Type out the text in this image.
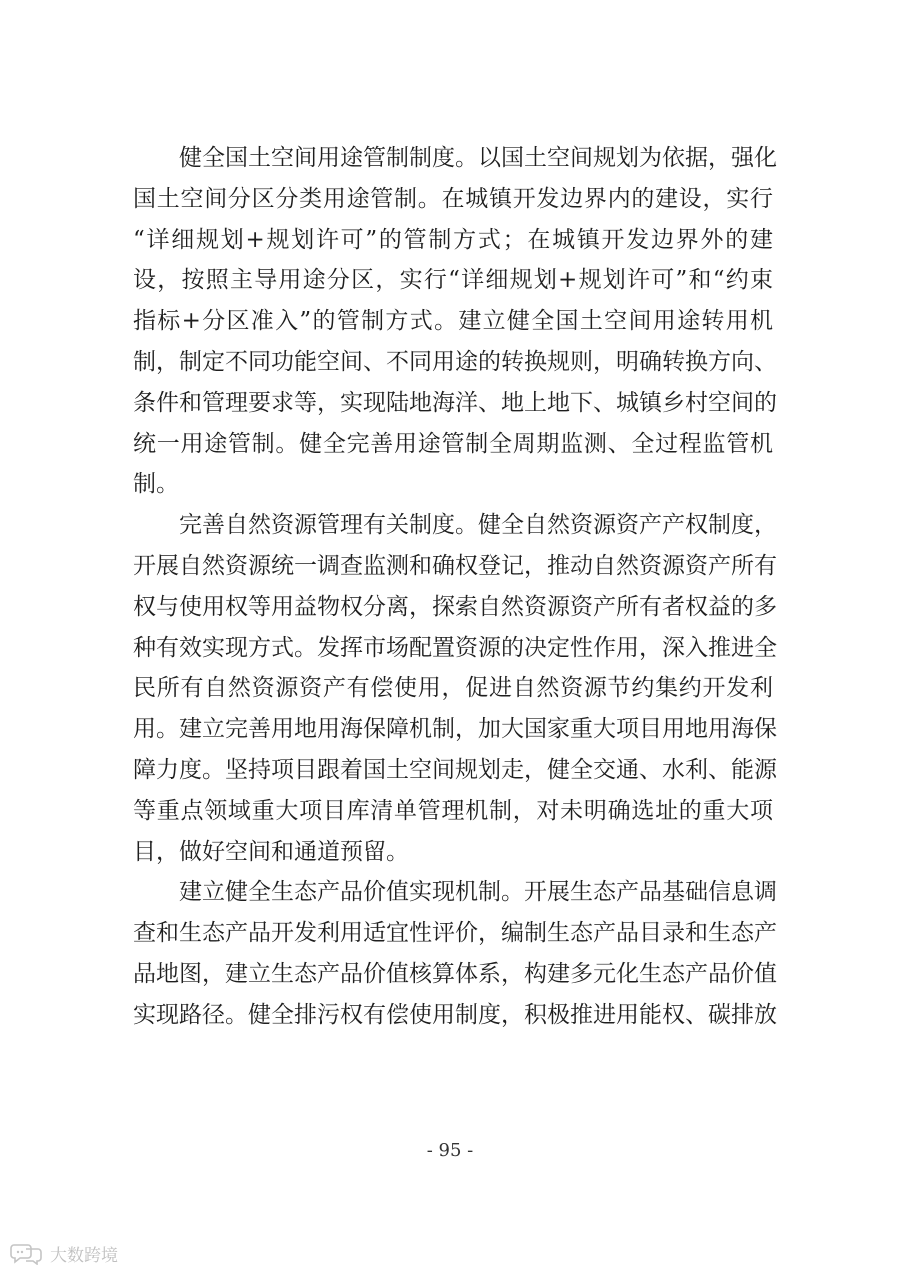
健全国土空间用途管制制度。以国土空间规划为依据，强化
国土空间分区分类用途管制。在城镇开发边界内的建设，实行
“详细规划+规划许可”的管制方式；在城镇开发边界外的建
设，按照主导用途分区，实行“详细规划+规划许可”和“约束
指标+分区准入”的管制方式。建立健全国土空间用途转用机
制，制定不同功能空间、不同用途的转换规则，明确转换方向、
条件和管理要求等，实现陆地海洋、地上地下、城镇乡村空间的
统一用途管制。健全完善用途管制全周期监测、全过程监管机
制。
完善自然资源管理有关制度。健全自然资源资产产权制度，
开展自然资源统一调查监测和确权登记，推动自然资源资产所有
权与使用权等用益物权分离，探索自然资源资产所有者权益的多
种有效实现方式。发挥市场配置资源的决定性作用，深入推进全
民所有自然资源资产有偿使用，促进自然资源节约集约开发利
用。建立完善用地用海保障机制，加大国家重大项目用地用海保
障力度。坚持项目跟着国土空间规划走，健全交通、水利、能源
等重点领域重大项目库清单管理机制，对未明确选址的重大项
目，做好空间和通道预留。
建立健全生态产品价值实现机制。开展生态产品基础信息调
查和生态产品开发利用适宜性评价，编制生态产品目录和生态产
品地图，建立生态产品价值核算体系，构建多元化生态产品价值
实现路径。健全排污权有偿使用制度，积极推进用能权、碳排放
- 95 -
大数跨境
